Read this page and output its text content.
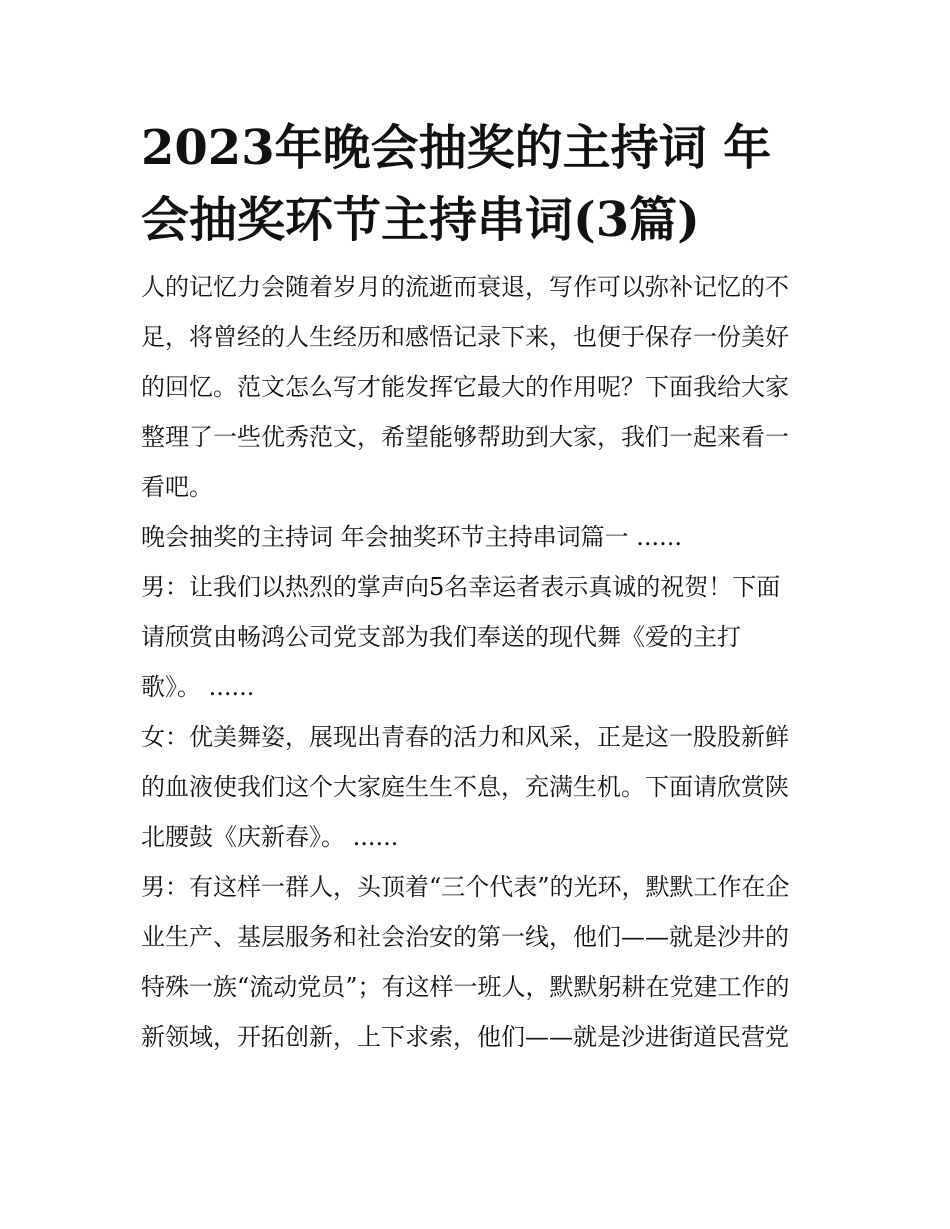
2023年晚会抽奖的主持词 年
会抽奖环节主持串词(3篇)

人的记忆力会随着岁月的流逝而衰退，写作可以弥补记忆的不
足，将曾经的人生经历和感悟记录下来，也便于保存一份美好
的回忆。范文怎么写才能发挥它最大的作用呢？下面我给大家
整理了一些优秀范文，希望能够帮助到大家，我们一起来看一
看吧。

晚会抽奖的主持词 年会抽奖环节主持串词篇一 ......

男：让我们以热烈的掌声向5名幸运者表示真诚的祝贺！下面
请颀赏由畅鸿公司党支部为我们奉送的现代舞《爱的主打
歌》。 ......

女：优美舞姿，展现出青春的活力和风采，正是这一股股新鲜
的血液使我们这个大家庭生生不息，充满生机。下面请欣赏陕
北腰鼓《庆新春》。 ......

男：有这样一群人，头顶着“三个代表”的光环，默默工作在企
业生产、基层服务和社会治安的第一线，他们——就是沙井的
特殊一族“流动党员”；有这样一班人，默默躬耕在党建工作的
新领域，开拓创新，上下求索，他们——就是沙进街道民营党
